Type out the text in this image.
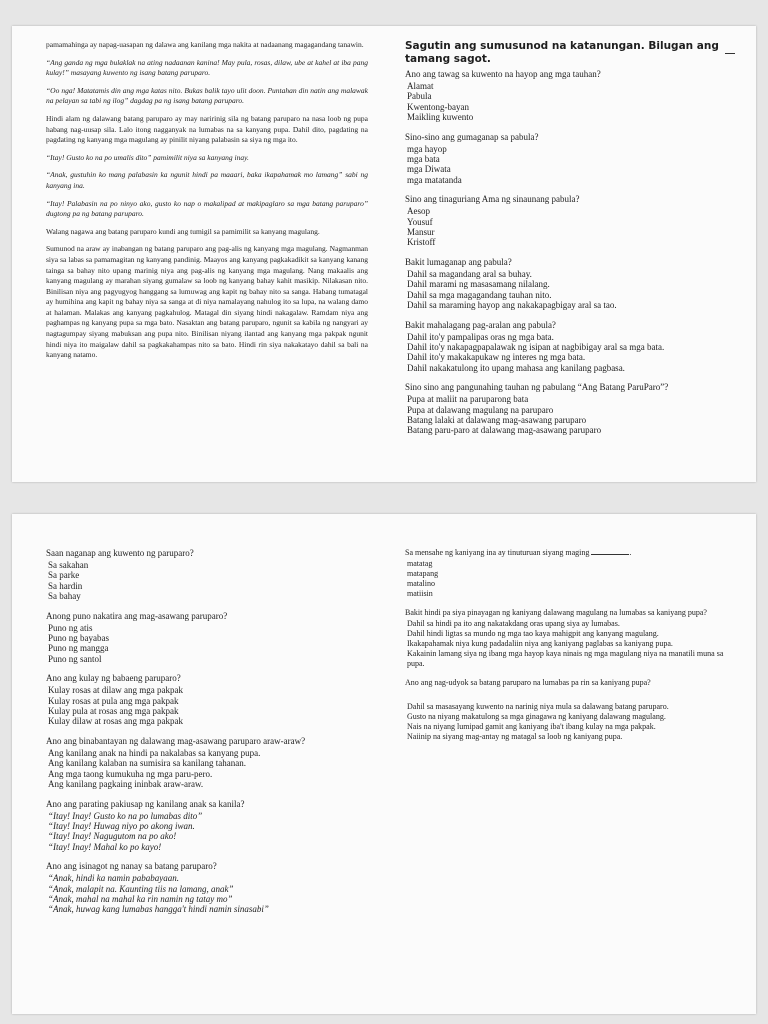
pamamahinga ay napag-uasapan ng dalawa ang kanilang mga nakita at nadaanang magagandang tanawin.

“Ang ganda ng mga bulaklak na ating nadaanan kanina! May pula, rosas, dilaw, ube at kahel at iba pang kulay!” masayang kuwento ng isang batang paruparo.

“Oo nga! Matatamis din ang mga katas nito. Bukas balik tayo ulit doon. Puntahan din natin ang malawak na pelayan sa tabi ng ilog” dagdag pa ng isang batang paruparo.

Hindi alam ng dalawang batang paruparo ay may naririnig sila ng batang paruparo na nasa loob ng pupa habang nag-uusap sila. Lalo itong nagganyak na lumabas na sa kanyang pupa. Dahil dito, pagdating na pagdating ng kanyang mga magulang ay pinilit niyang palabasin sa siya ng mga ito.

“Itay! Gusto ko na po umalis dito” pamimilit niya sa kanyang inay.

“Anak, gustuhin ko mang palabasin ka ngunit hindi pa maaari, baka ikapahamak mo lamang” sabi ng kanyang ina.

“Itay! Palabasin na po ninyo ako, gusto ko nap o makalipad at makipaglaro sa mga batang paruparo” dugtong pa ng batang paruparo.

Walang nagawa ang batang paruparo kundi ang tumigil sa pamimilit sa kanyang magulang.

Sumunod na araw ay inabangan ng batang paruparo ang pag-alis ng kanyang mga magulang. Nagmanman siya sa labas sa pamamagitan ng kanyang pandinig. Maayos ang kanyang pagkakadikit sa kanyang kanang tainga sa bahay nito upang marinig niya ang pag-alis ng kanyang mga magulang. Nang makaalis ang kanyang magulang ay marahan siyang gumalaw sa loob ng kanyang bahay kahit masikip. Nilakasan nito. Binilisan niya ang pagyugyog hanggang sa lumuwag ang kapit ng bahay nito sa sanga. Habang tumatagal ay humihina ang kapit ng bahay niya sa sanga at di niya namalayang nahulog ito sa lupa, na walang damo at halaman. Malakas ang kanyang pagkahulog. Matagal din siyang hindi nakagalaw. Ramdam niya ang paghampas ng kanyang pupa sa mga bato. Nasaktan ang batang paruparo, ngunit sa kabila ng nangyari ay nagtagumpay siyang mabuksan ang pupa nito. Binilisan niyang ilantad ang kanyang mga pakpak ngunit hindi niya ito maigalaw dahil sa pagkakahampas nito sa bato. Hindi rin siya nakakatayo dahil sa bali na kanyang natamo.

Sagutin ang sumusunod na katanungan. Bilugan ang tamang sagot.
Ano ang tawag sa kuwento na hayop ang mga tauhan?
Alamat
Pabula
Kwentong-bayan
Maikling kuwento
Sino-sino ang gumaganap sa pabula?
mga hayop
mga bata
mga Diwata
mga matatanda
Sino ang tinaguriang Ama ng sinaunang pabula?
Aesop
Yousuf
Mansur
Kristoff
Bakit lumaganap ang pabula?
Dahil sa magandang aral sa buhay.
Dahil marami ng masasamang nilalang.
Dahil sa mga magagandang tauhan nito.
Dahil sa maraming hayop ang nakakapagbigay aral sa tao.
Bakit mahalagang pag-aralan ang pabula?
Dahil ito'y pampalipas oras ng mga bata.
Dahil ito'y nakapagpapalawak ng isipan at nagbibigay aral sa mga bata.
Dahil ito'y makakapukaw ng interes ng mga bata.
Dahil nakakatulong ito upang mahasa ang kanilang pagbasa.
Sino sino ang pangunahing tauhan ng pabulang “Ang Batang ParuParo”?
Pupa at maliit na paruparong bata
Pupa at dalawang magulang na paruparo
Batang lalaki at dalawang mag-asawang paruparo
Batang paru-paro at dalawang mag-asawang paruparo
Saan naganap ang kuwento ng paruparo?
Sa sakahan
Sa parke
Sa hardin
Sa bahay
Anong puno nakatira ang mag-asawang paruparo?
Puno ng atis
Puno ng bayabas
Puno ng mangga
Puno ng santol
Ano ang kulay ng babaeng paruparo?
Kulay rosas at dilaw ang mga pakpak
Kulay rosas at pula ang mga pakpak
Kulay pula at rosas ang mga pakpak
Kulay dilaw at rosas ang mga pakpak
Ano ang binabantayan ng dalawang mag-asawang paruparo araw-araw?
Ang kanilang anak na hindi pa nakalabas sa kanyang pupa.
Ang kanilang kalaban na sumisira sa kanilang tahanan.
Ang mga taong kumukuha ng mga paru-pero.
Ang kanilang pagkaing ininbak araw-araw.
Ano ang parating pakiusap ng kanilang anak sa kanila?
“Itay! Inay! Gusto ko na po lumabas dito”
“Itay! Inay! Huwag niyo po akong iwan.
“Itay! Inay! Nagugutom na po ako!
“Itay! Inay! Mahal ko po kayo!
Ano ang isinagot ng nanay sa batang paruparo?
“Anak, hindi ka namin pababayaan.
“Anak, malapit na. Kaunting tiis na lamang, anak”
“Anak, mahal na mahal ka rin namin ng tatay mo”
“Anak, huwag kang lumabas hangga't hindi namin sinasabi”
Sa mensahe ng kaniyang ina ay tinuturuan siyang maging	.
matatag
matapang
matalino
matiisin
Bakit hindi pa siya pinayagan ng kaniyang dalawang magulang na lumabas sa kaniyang pupa?
Dahil sa hindi pa ito ang nakatakdang oras upang siya ay lumabas.
Dahil hindi ligtas sa mundo ng mga tao kaya mahigpit ang kanyang magulang.
Ikakapahamak niya kung padadaliin niya ang kaniyang paglabas sa kaniyang pupa.
Kakainin lamang siya ng ibang mga hayop kaya ninais ng mga magulang niya na manatili muna sa pupa.
Ano ang nag-udyok sa batang paruparo na lumabas pa rin sa kaniyang pupa?
Dahil sa masasayang kuwento na narinig niya mula sa dalawang batang paruparo.
Gusto na niyang makatulong sa mga ginagawa ng kaniyang dalawang magulang.
Nais na niyang lumipad gamit ang kaniyang iba't ibang kulay na mga pakpak.
Naiinip na siyang mag-antay ng matagal sa loob ng kaniyang pupa.
